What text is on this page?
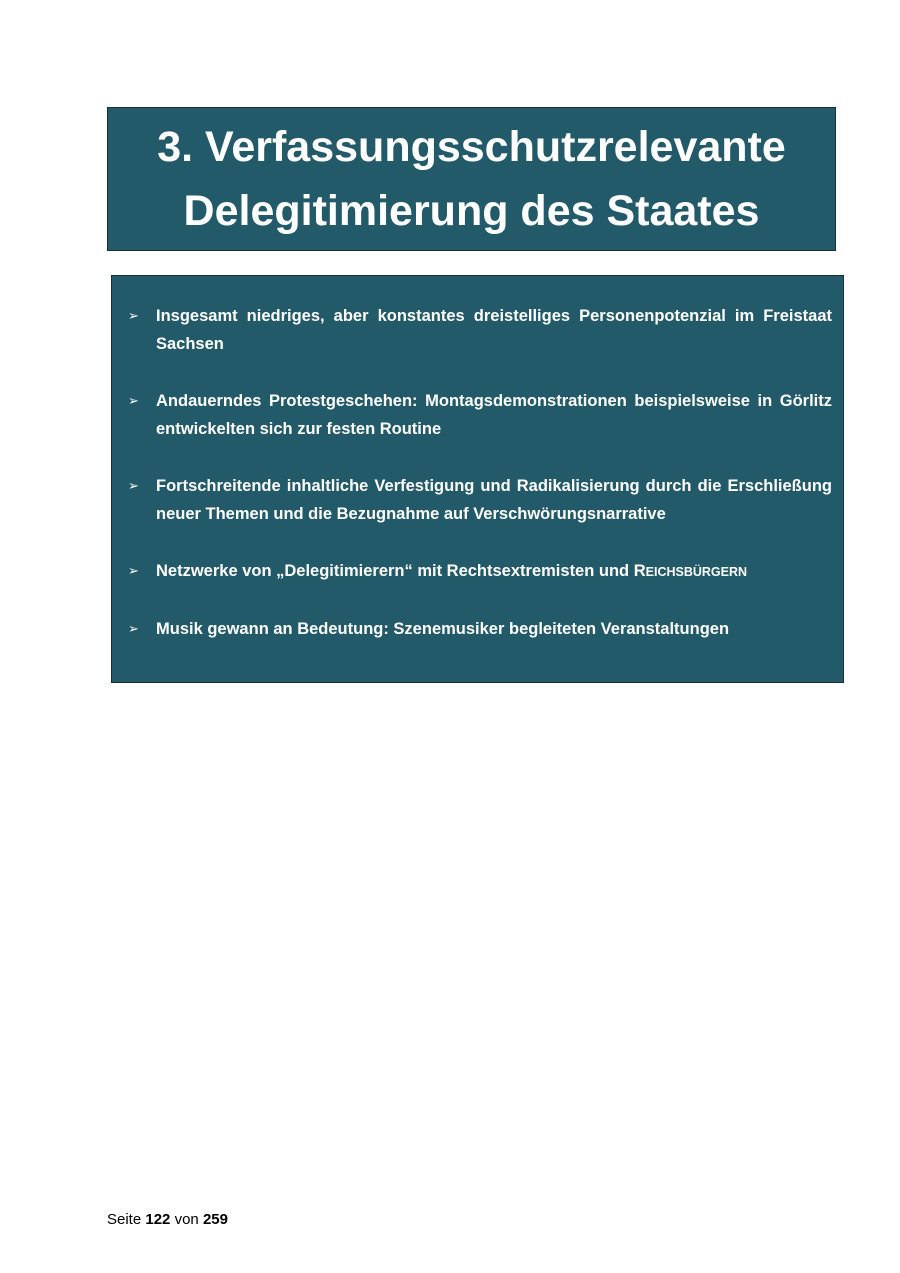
3. Verfassungsschutzrelevante
Delegitimierung des Staates
➢	Insgesamt niedriges, aber konstantes dreistelliges Personenpotenzial im Freistaat Sachsen
➢	Andauerndes Protestgeschehen: Montagsdemonstrationen beispielsweise in Görlitz entwickelten sich zur festen Routine
➢	Fortschreitende inhaltliche Verfestigung und Radikalisierung durch die Erschließung neuer Themen und die Bezugnahme auf Verschwörungsnarrative
➢	Netzwerke von „Delegitimierern“ mit Rechtsextremisten und REICHSBÜRGERN
➢	Musik gewann an Bedeutung: Szenemusiker begleiteten Veranstaltungen
Seite 122 von 259
